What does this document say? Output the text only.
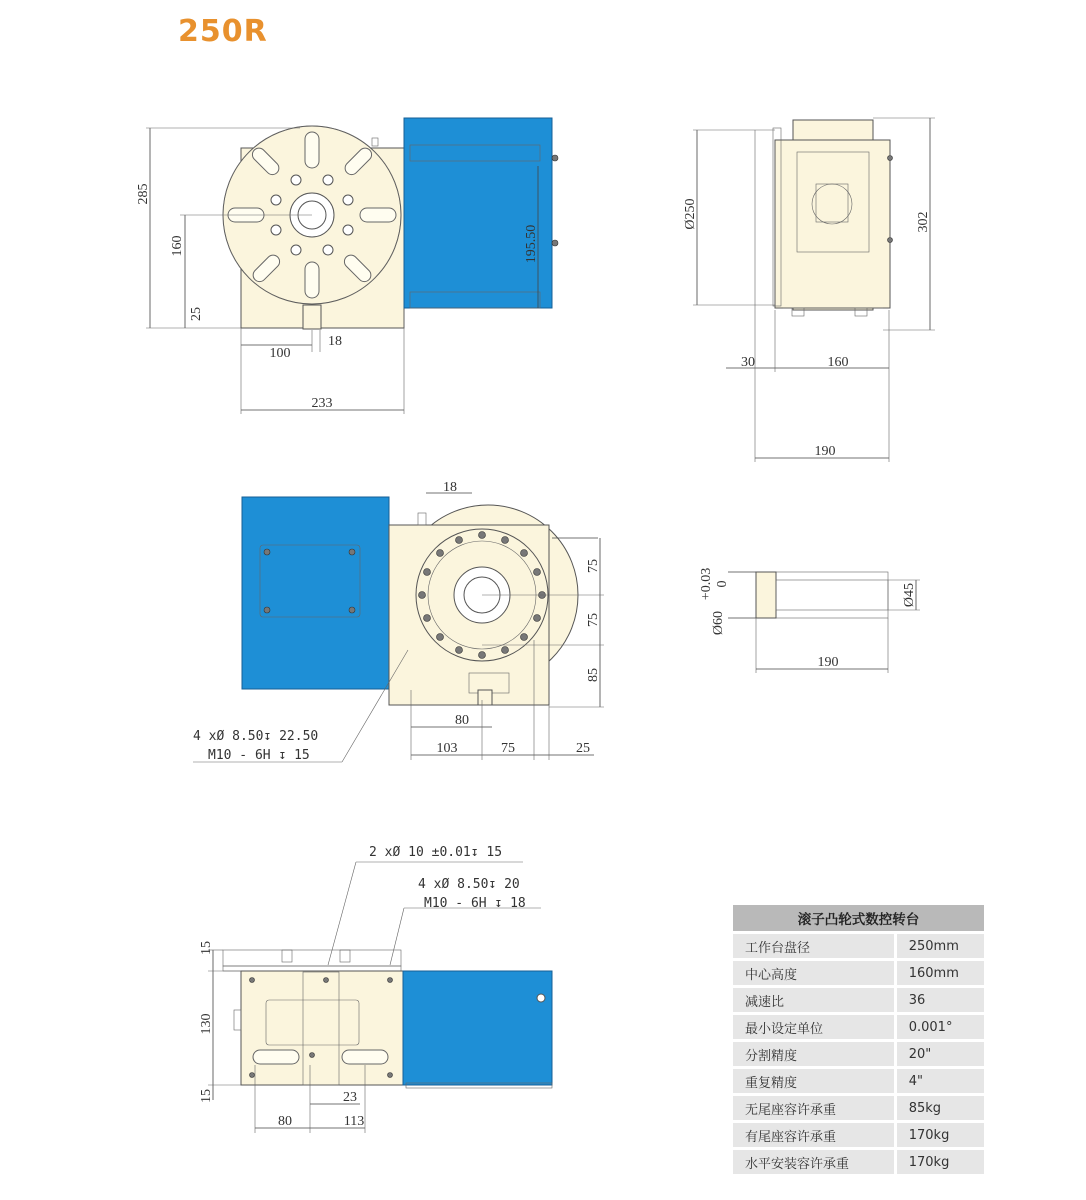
250R
285
160
25
195.50
100
18
233
Ø250	302
30	160
190
18
75
75
85
80
103	75	25
4 xØ 8.50↧ 22.50
M10 - 6H ↧ 15
+0.03 0
Ø60
Ø45
190
2 xØ 10 ±0.01↧ 15
4 xØ 8.50↧ 20
M10 - 6H ↧ 18
15
130
15	23
80	113
滚子凸轮式数控转台	
工作台盘径	250mm
中心高度	160mm
减速比	36
最小设定单位	0.001°
分割精度	20"
重复精度	4"
无尾座容许承重	85kg
有尾座容许承重	170kg
水平安装容许承重	170kg
